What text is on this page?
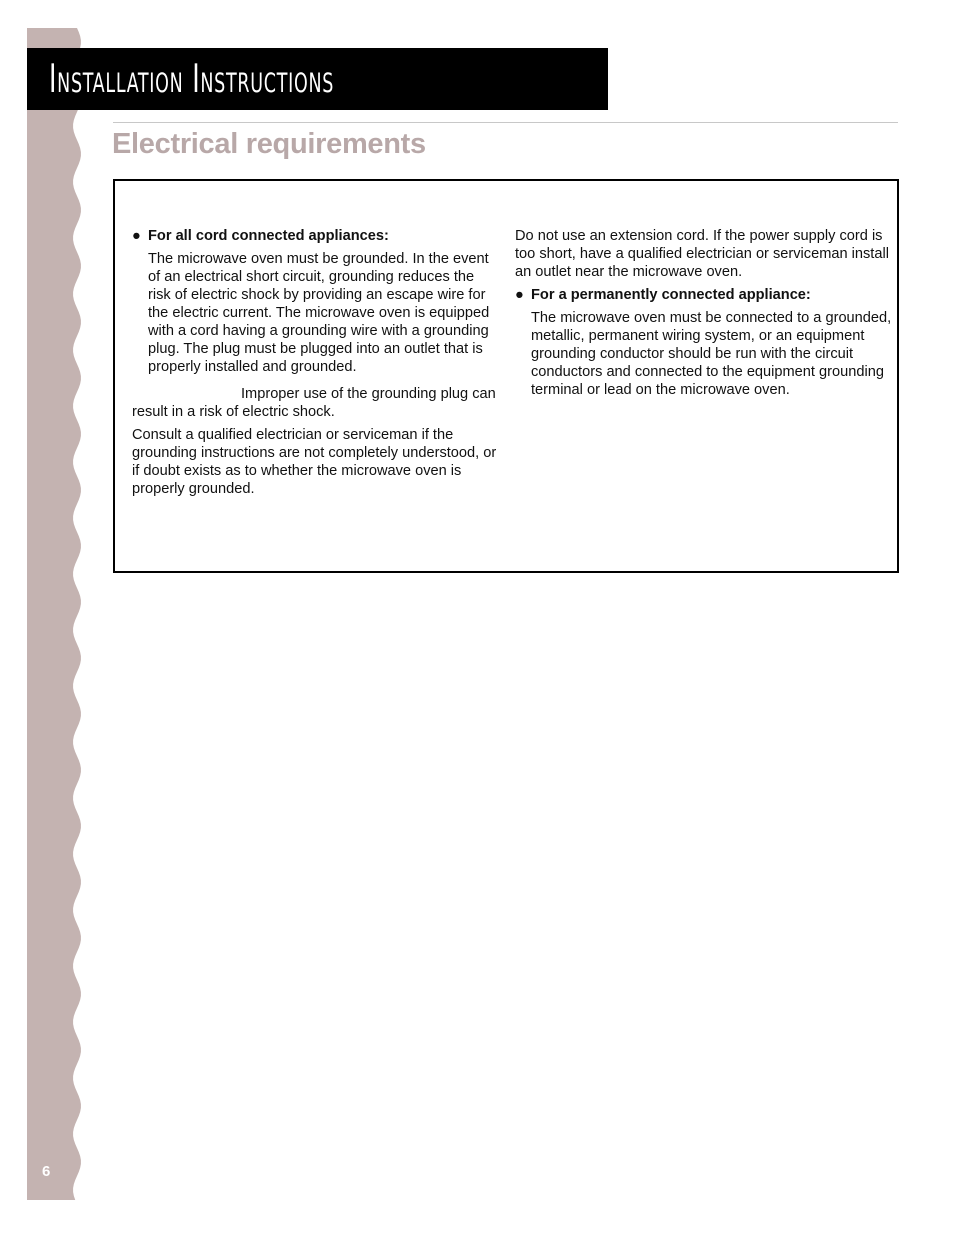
Installation Instructions
Electrical requirements

● For all cord connected appliances:

The microwave oven must be grounded. In the event of an electrical short circuit, grounding reduces the risk of electric shock by providing an escape wire for the electric current. The microwave oven is equipped with a cord having a grounding wire with a grounding plug. The plug must be plugged into an outlet that is properly installed and grounded.

Improper use of the grounding plug can result in a risk of electric shock.

Consult a qualified electrician or serviceman if the grounding instructions are not completely understood, or if doubt exists as to whether the microwave oven is properly grounded.

Do not use an extension cord. If the power supply cord is too short, have a qualified electrician or serviceman install an outlet near the microwave oven.

● For a permanently connected appliance:

The microwave oven must be connected to a grounded, metallic, permanent wiring system, or an equipment grounding conductor should be run with the circuit conductors and connected to the equipment grounding terminal or lead on the microwave oven.

6
